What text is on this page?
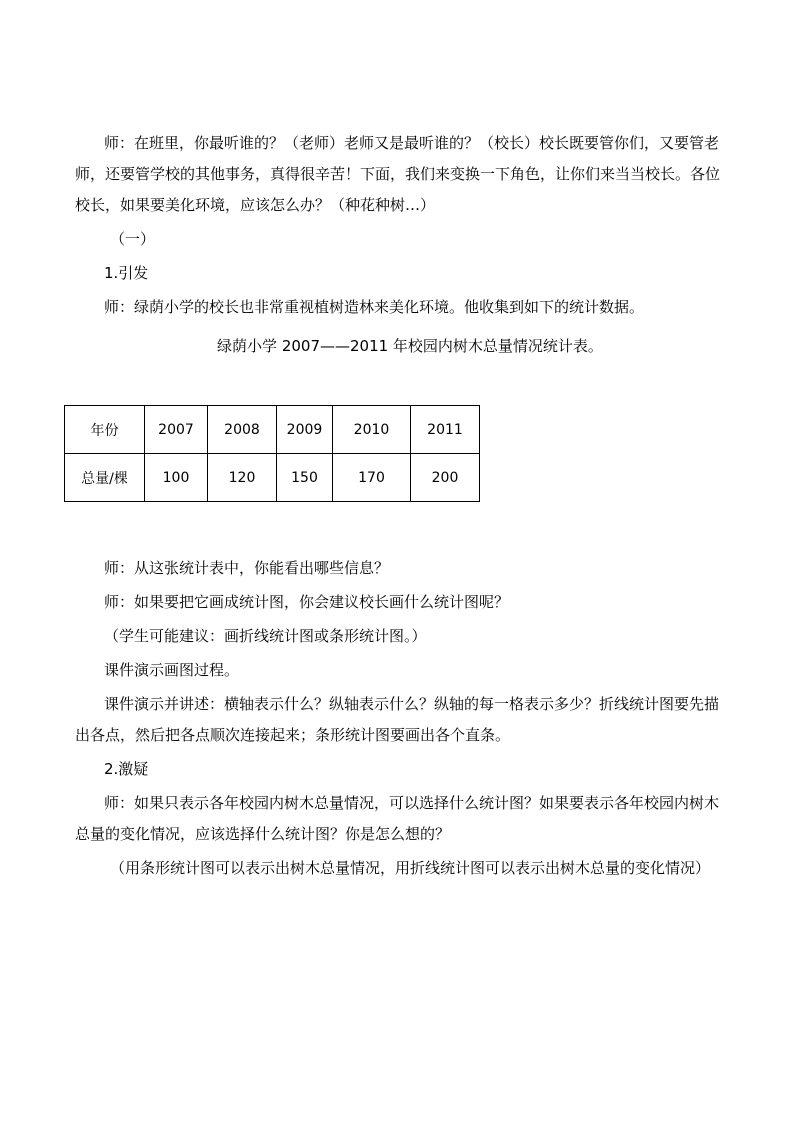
师：在班里，你最听谁的？（老师）老师又是最听谁的？（校长）校长既要管你们，又要管老师，还要管学校的其他事务，真得很辛苦！下面，我们来变换一下角色，让你们来当当校长。各位校长，如果要美化环境，应该怎么办？（种花种树…）

（一）

1.引发

师：绿荫小学的校长也非常重视植树造林来美化环境。他收集到如下的统计数据。

绿荫小学 2007——2011 年校园内树木总量情况统计表。

年份	2007	2008	2009	2010	2011
总量/棵	100	120	150	170	200

师：从这张统计表中，你能看出哪些信息？

师：如果要把它画成统计图，你会建议校长画什么统计图呢？

（学生可能建议：画折线统计图或条形统计图。）

课件演示画图过程。

课件演示并讲述：横轴表示什么？纵轴表示什么？纵轴的每一格表示多少？折线统计图要先描出各点，然后把各点顺次连接起来；条形统计图要画出各个直条。

2.激疑

师：如果只表示各年校园内树木总量情况，可以选择什么统计图？如果要表示各年校园内树木总量的变化情况，应该选择什么统计图？你是怎么想的？

（用条形统计图可以表示出树木总量情况，用折线统计图可以表示出树木总量的变化情况）
